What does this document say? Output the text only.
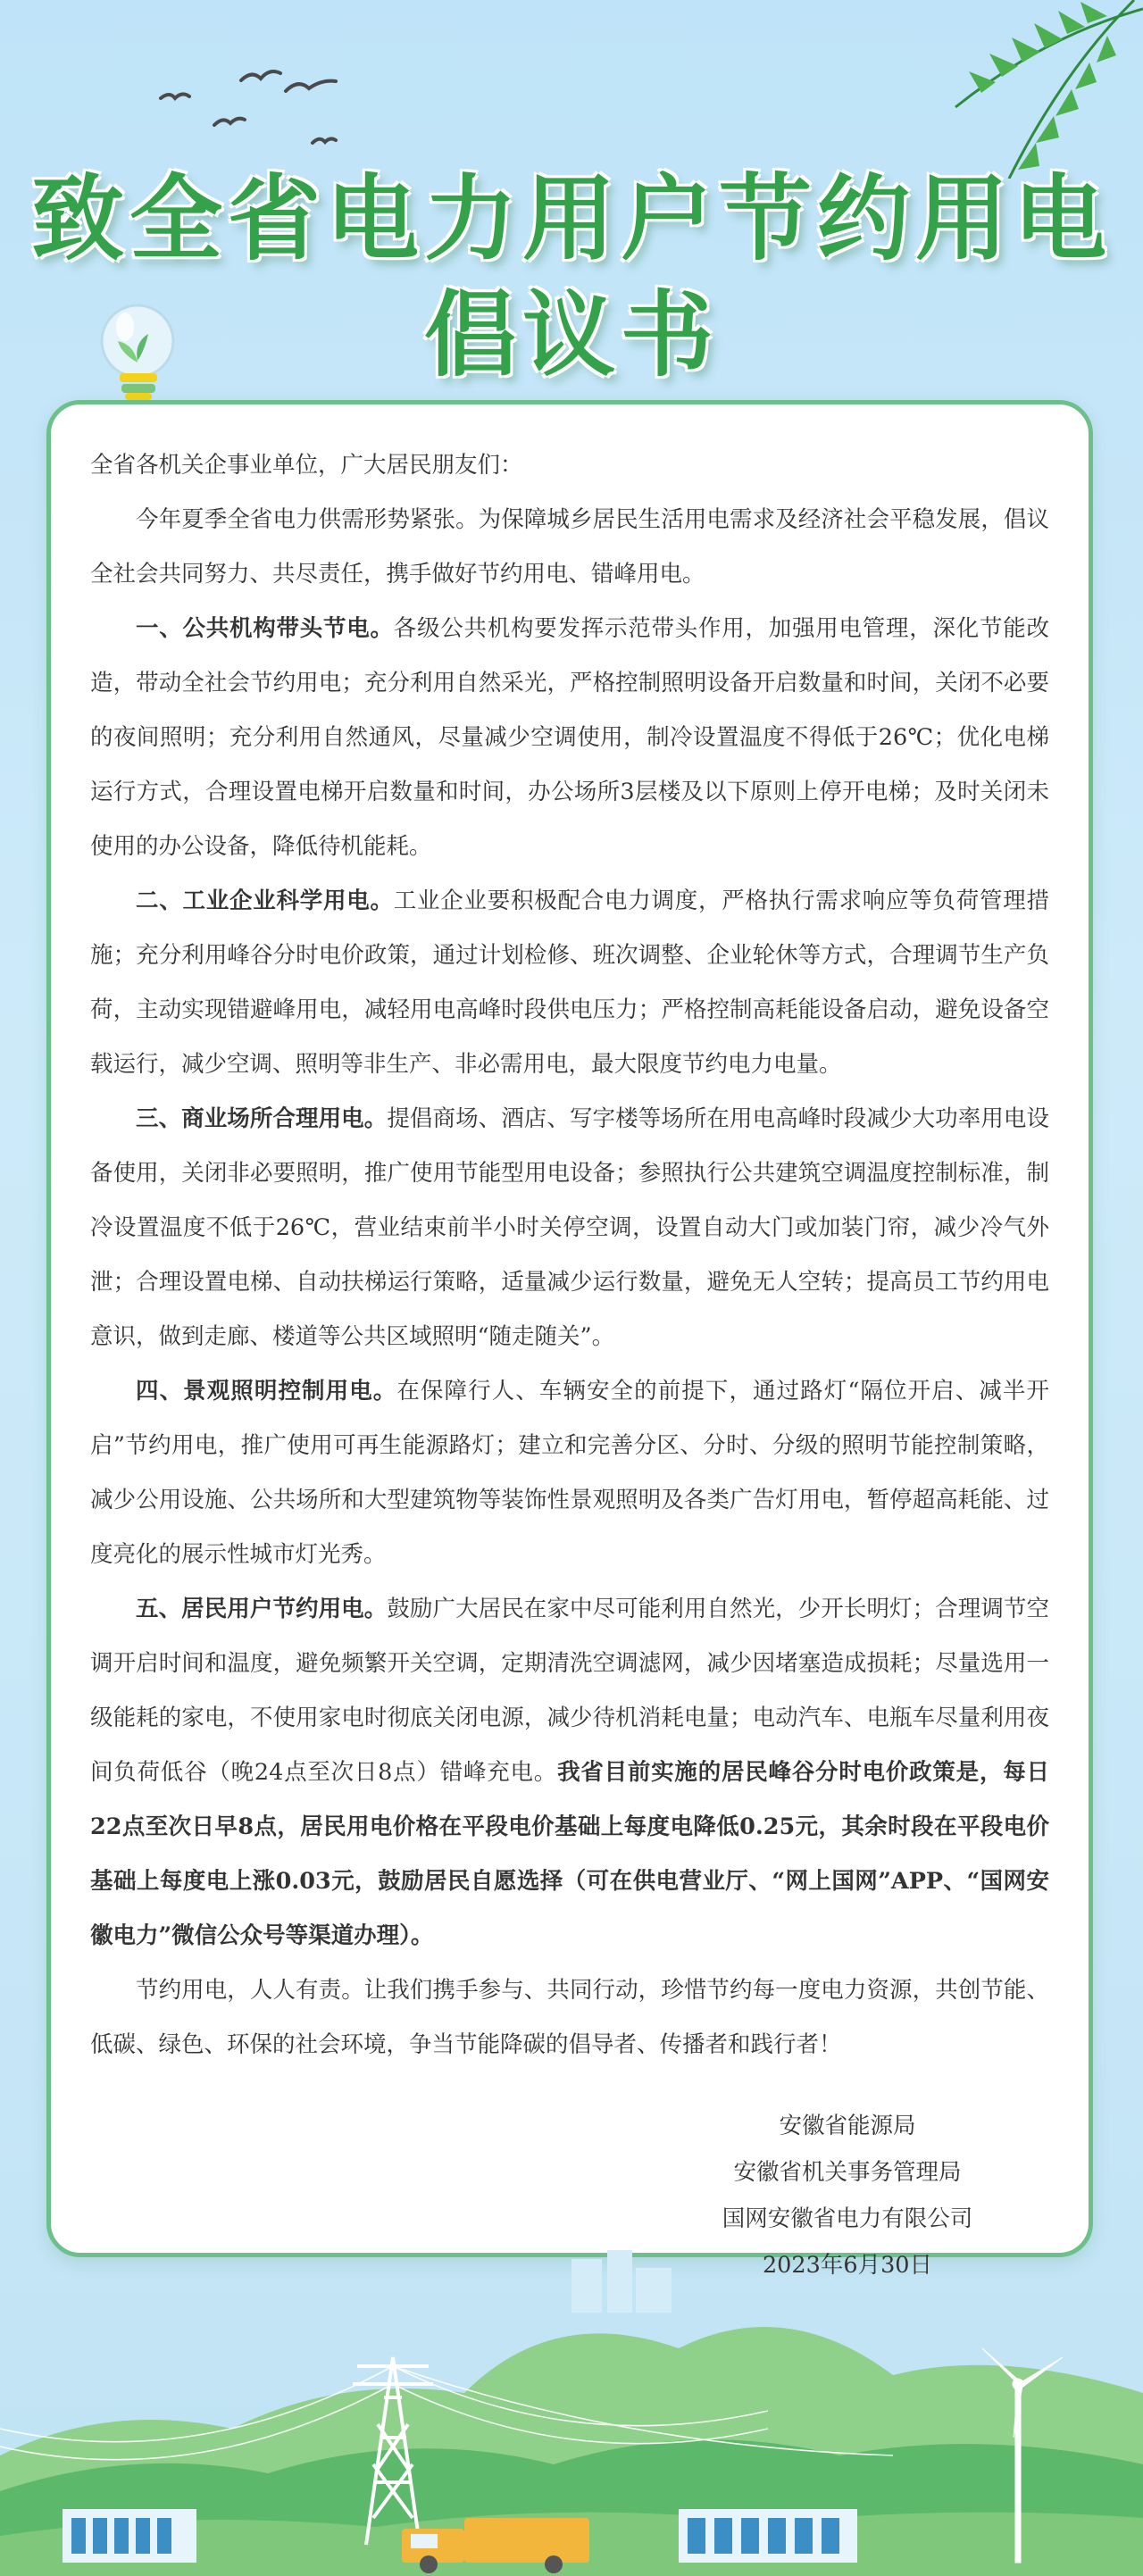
致全省电力用户节约用电
倡议书

全省各机关企事业单位，广大居民朋友们：

今年夏季全省电力供需形势紧张。为保障城乡居民生活用电需求及经济社会平稳发展，倡议全社会共同努力、共尽责任，携手做好节约用电、错峰用电。

一、公共机构带头节电。各级公共机构要发挥示范带头作用，加强用电管理，深化节能改造，带动全社会节约用电；充分利用自然采光，严格控制照明设备开启数量和时间，关闭不必要的夜间照明；充分利用自然通风，尽量减少空调使用，制冷设置温度不得低于26℃；优化电梯运行方式，合理设置电梯开启数量和时间，办公场所3层楼及以下原则上停开电梯；及时关闭未使用的办公设备，降低待机能耗。

二、工业企业科学用电。工业企业要积极配合电力调度，严格执行需求响应等负荷管理措施；充分利用峰谷分时电价政策，通过计划检修、班次调整、企业轮休等方式，合理调节生产负荷，主动实现错避峰用电，减轻用电高峰时段供电压力；严格控制高耗能设备启动，避免设备空载运行，减少空调、照明等非生产、非必需用电，最大限度节约电力电量。

三、商业场所合理用电。提倡商场、酒店、写字楼等场所在用电高峰时段减少大功率用电设备使用，关闭非必要照明，推广使用节能型用电设备；参照执行公共建筑空调温度控制标准，制冷设置温度不低于26℃，营业结束前半小时关停空调，设置自动大门或加装门帘，减少冷气外泄；合理设置电梯、自动扶梯运行策略，适量减少运行数量，避免无人空转；提高员工节约用电意识，做到走廊、楼道等公共区域照明“随走随关”。

四、景观照明控制用电。在保障行人、车辆安全的前提下，通过路灯“隔位开启、减半开启”节约用电，推广使用可再生能源路灯；建立和完善分区、分时、分级的照明节能控制策略，减少公用设施、公共场所和大型建筑物等装饰性景观照明及各类广告灯用电，暂停超高耗能、过度亮化的展示性城市灯光秀。

五、居民用户节约用电。鼓励广大居民在家中尽可能利用自然光，少开长明灯；合理调节空调开启时间和温度，避免频繁开关空调，定期清洗空调滤网，减少因堵塞造成损耗；尽量选用一级能耗的家电，不使用家电时彻底关闭电源，减少待机消耗电量；电动汽车、电瓶车尽量利用夜间负荷低谷（晚24点至次日8点）错峰充电。我省目前实施的居民峰谷分时电价政策是，每日22点至次日早8点，居民用电价格在平段电价基础上每度电降低0.25元，其余时段在平段电价基础上每度电上涨0.03元，鼓励居民自愿选择（可在供电营业厅、“网上国网”APP、“国网安徽电力”微信公众号等渠道办理）。

节约用电，人人有责。让我们携手参与、共同行动，珍惜节约每一度电力资源，共创节能、低碳、绿色、环保的社会环境，争当节能降碳的倡导者、传播者和践行者！

安徽省能源局
安徽省机关事务管理局
国网安徽省电力有限公司
2023年6月30日
